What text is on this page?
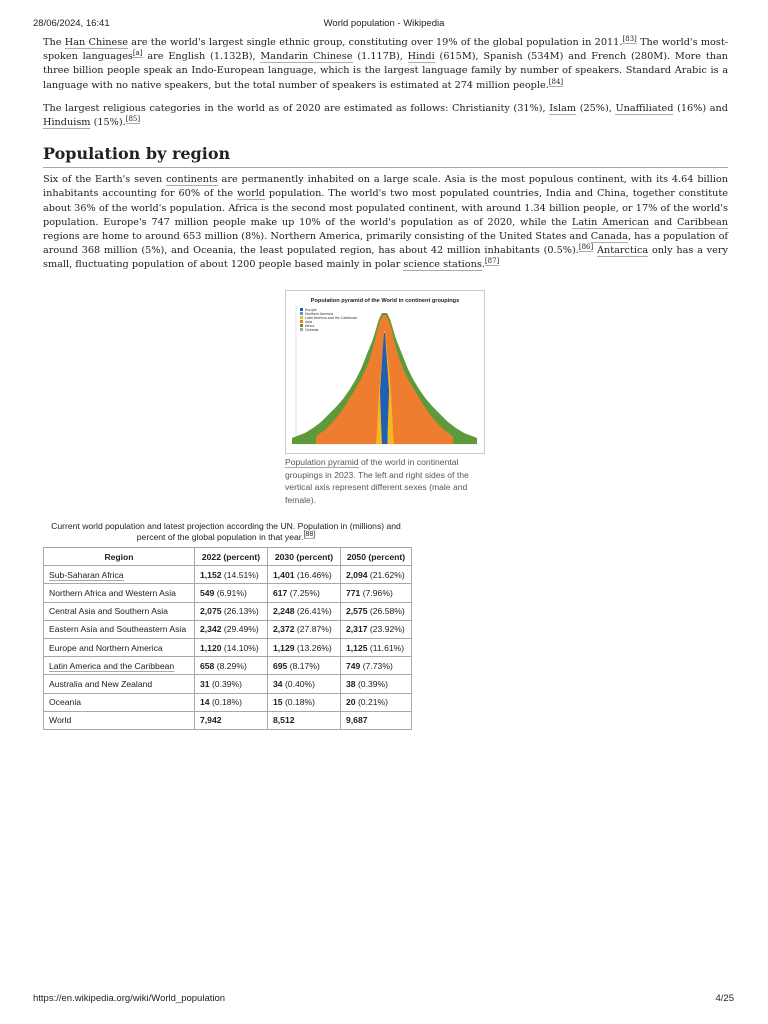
28/06/2024, 16:41	World population - Wikipedia

The Han Chinese are the world's largest single ethnic group, constituting over 19% of the global population in 2011.[83] The world's most-spoken languages[a] are English (1.132B), Mandarin Chinese (1.117B), Hindi (615M), Spanish (534M) and French (280M). More than three billion people speak an Indo-European language, which is the largest language family by number of speakers. Standard Arabic is a language with no native speakers, but the total number of speakers is estimated at 274 million people.[84]

The largest religious categories in the world as of 2020 are estimated as follows: Christianity (31%), Islam (25%), Unaffiliated (16%) and Hinduism (15%).[85]

Population by region

Six of the Earth's seven continents are permanently inhabited on a large scale. Asia is the most populous continent, with its 4.64 billion inhabitants accounting for 60% of the world population. The world's two most populated countries, India and China, together constitute about 36% of the world's population. Africa is the second most populated continent, with around 1.34 billion people, or 17% of the world's population. Europe's 747 million people make up 10% of the world's population as of 2020, while the Latin American and Caribbean regions are home to around 653 million (8%). Northern America, primarily consisting of the United States and Canada, has a population of around 368 million (5%), and Oceania, the least populated region, has about 42 million inhabitants (0.5%).[86] Antarctica only has a very small, fluctuating population of about 1200 people based mainly in polar science stations.[87]

Population pyramid of the World in continent groupings
Europe
Northern America
Latin America and the Caribbean
Asia
Africa
Oceania
Population pyramid of the world in continental groupings in 2023. The left and right sides of the vertical axis represent different sexes (male and female).
Current world population and latest projection according the UN. Population in (millions) and percent of the global population in that year.[88]
Region	2022 (percent)	2030 (percent)	2050 (percent)
Sub-Saharan Africa	1,152 (14.51%)	1,401 (16.46%)	2,094 (21.62%)
Northern Africa and Western Asia	549 (6.91%)	617 (7.25%)	771 (7.96%)
Central Asia and Southern Asia	2,075 (26.13%)	2,248 (26.41%)	2,575 (26.58%)
Eastern Asia and Southeastern Asia	2,342 (29.49%)	2,372 (27.87%)	2,317 (23.92%)
Europe and Northern America	1,120 (14.10%)	1,129 (13.26%)	1,125 (11.61%)
Latin America and the Caribbean	658 (8.29%)	695 (8.17%)	749 (7.73%)
Australia and New Zealand	31 (0.39%)	34 (0.40%)	38 (0.39%)
Oceania	14 (0.18%)	15 (0.18%)	20 (0.21%)
World	7,942	8,512	9,687
https://en.wikipedia.org/wiki/World_population	4/25
